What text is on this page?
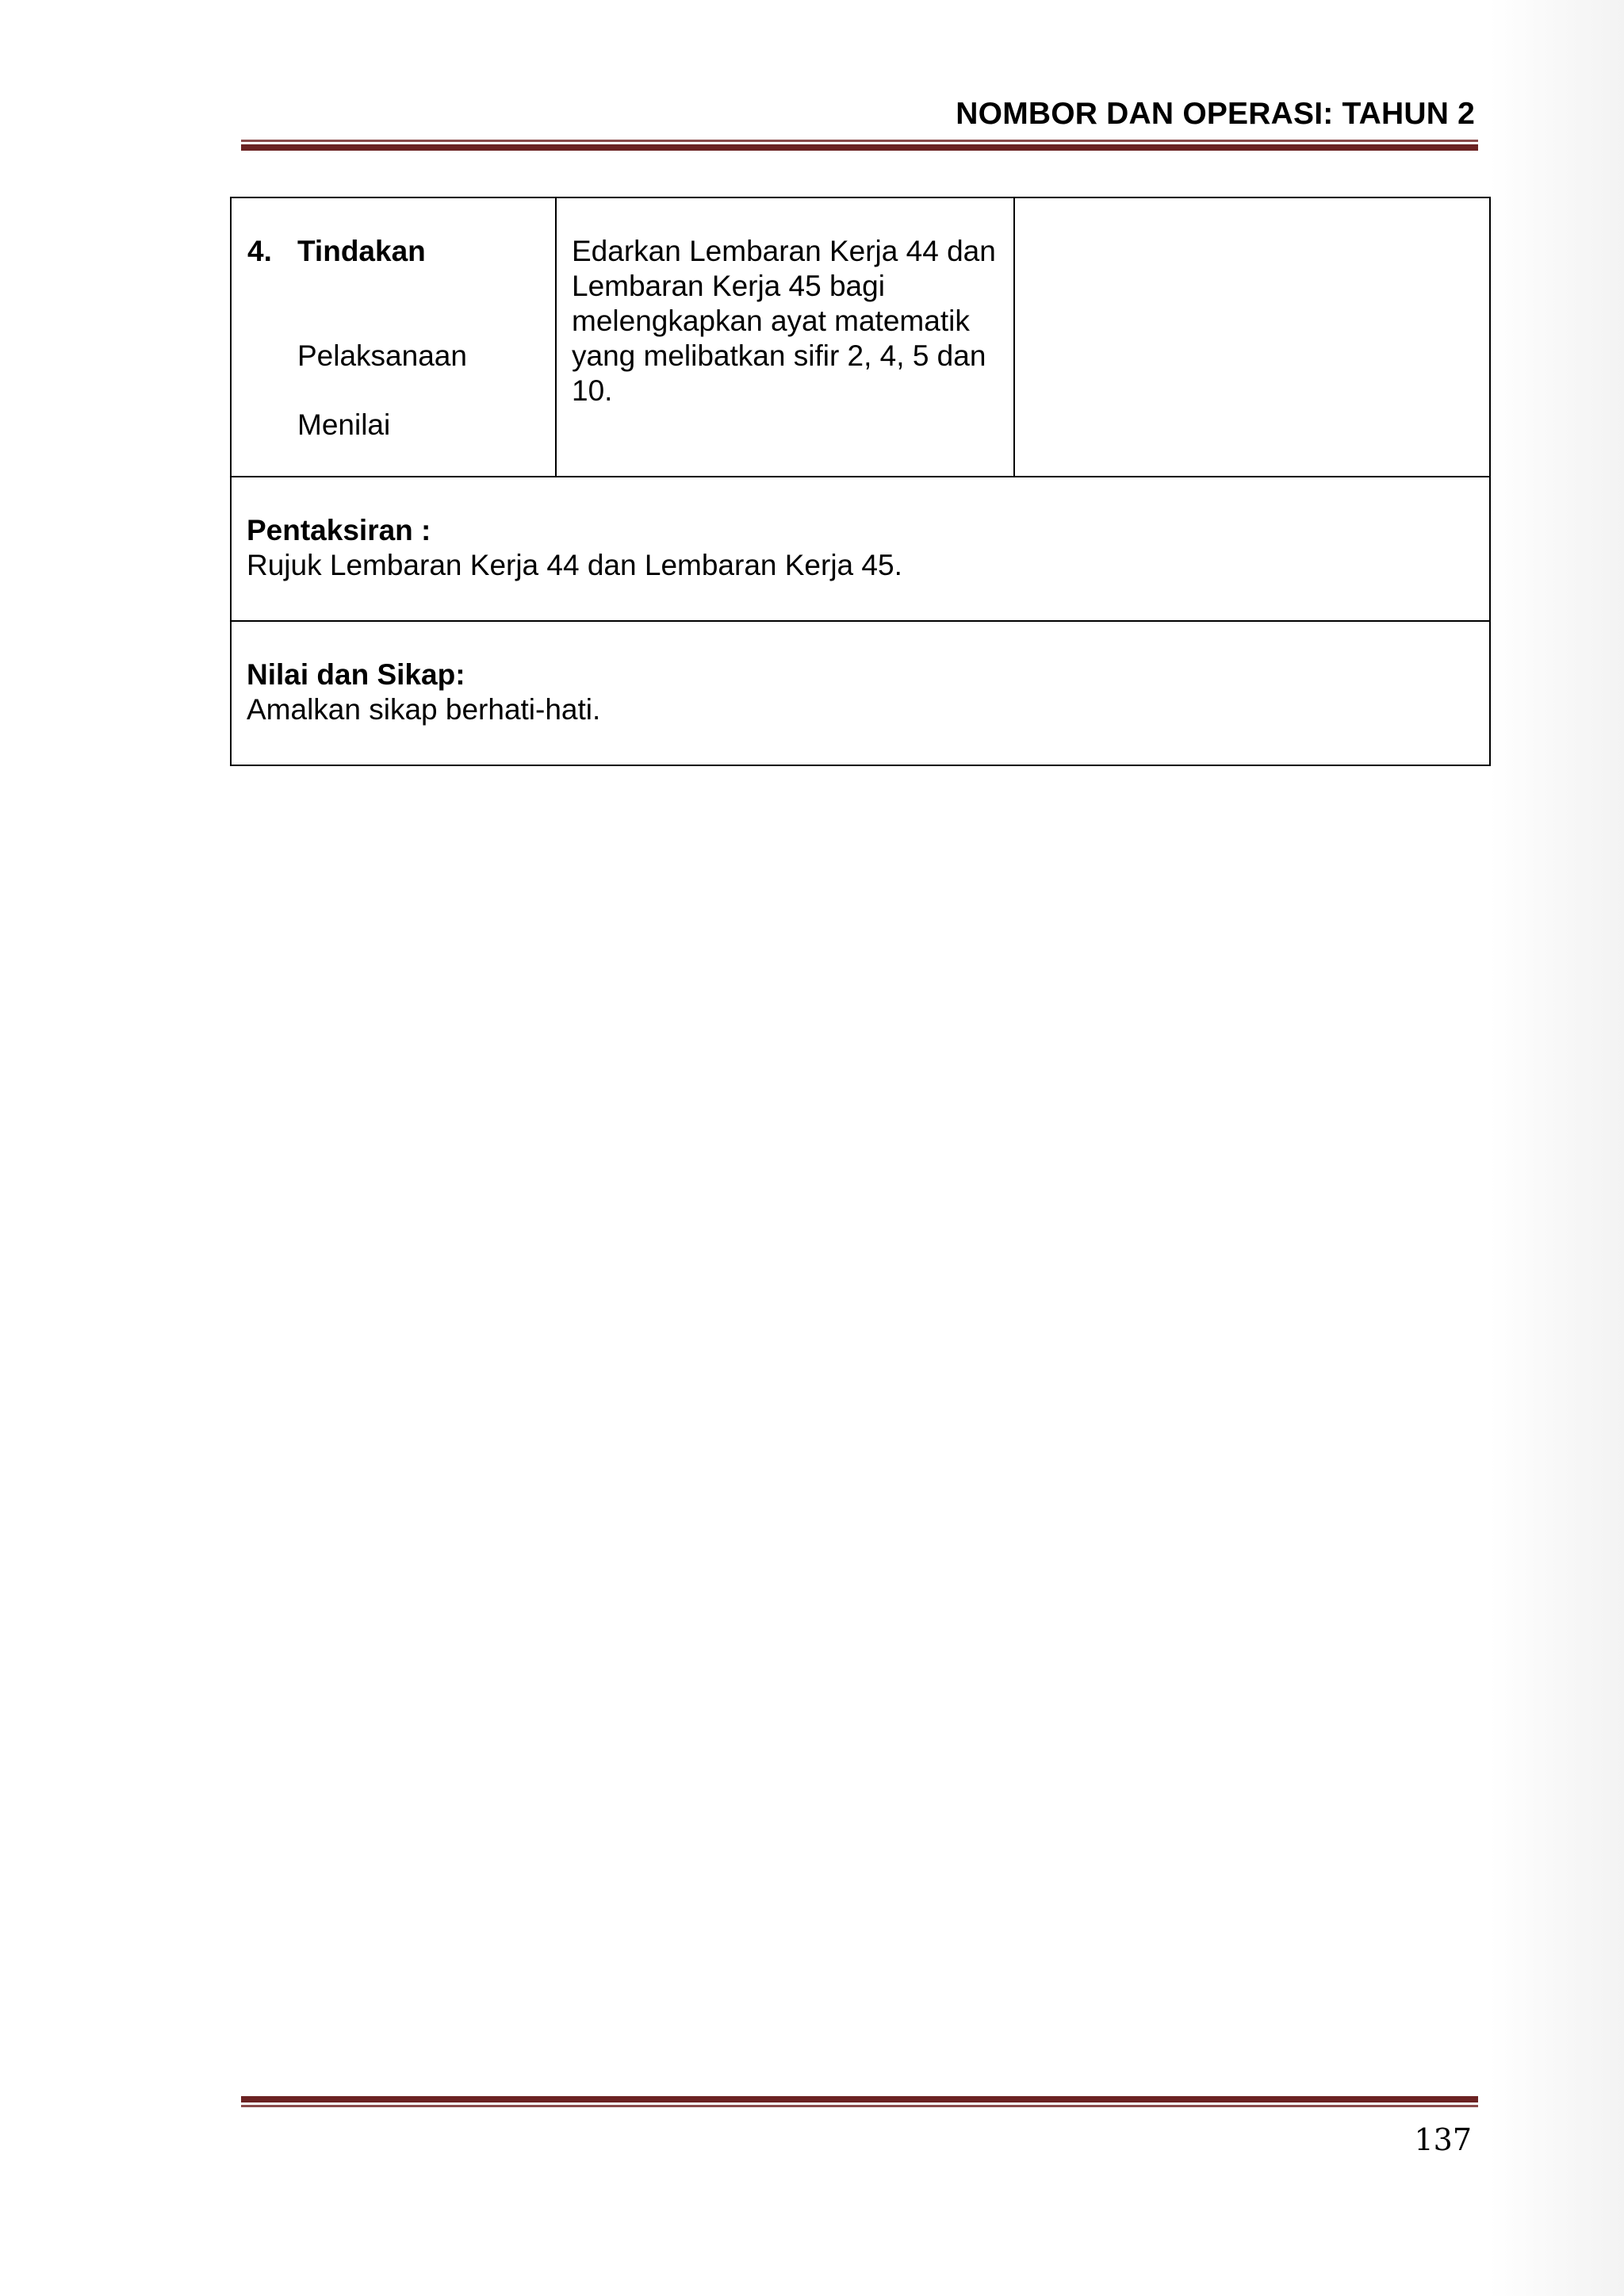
NOMBOR DAN OPERASI: TAHUN 2
4. Tindakan
Pelaksanaan
Menilai

Edarkan Lembaran Kerja 44 dan Lembaran Kerja 45 bagi melengkapkan ayat matematik yang melibatkan sifir 2, 4, 5 dan 10.

Pentaksiran :
Rujuk Lembaran Kerja 44 dan Lembaran Kerja 45.

Nilai dan Sikap:
Amalkan sikap berhati-hati.
137
